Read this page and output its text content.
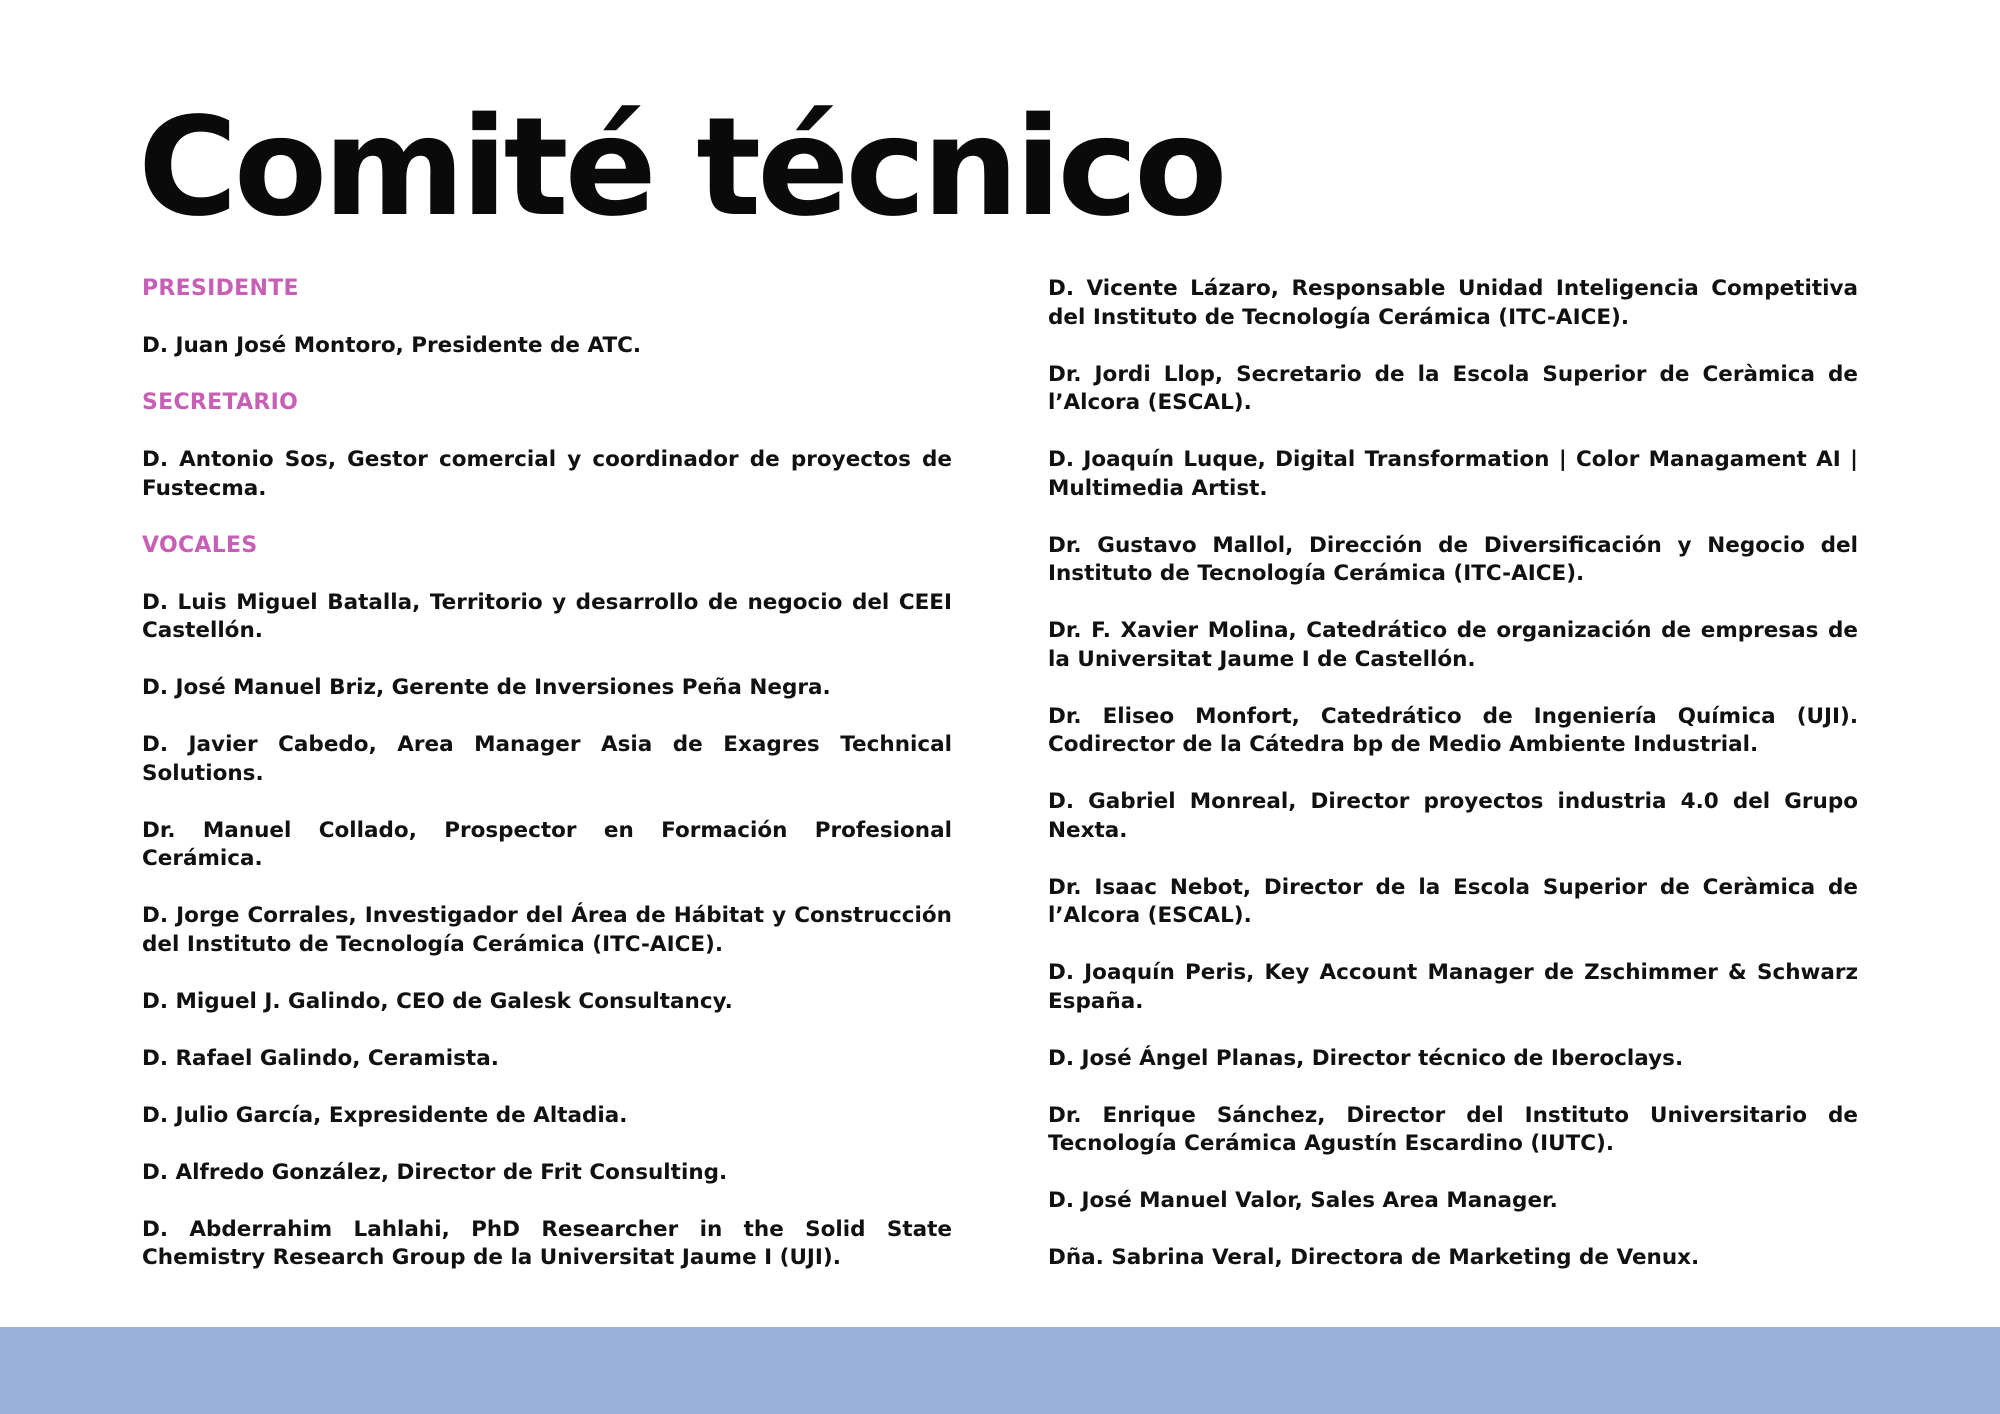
Comité técnico
PRESIDENTE

D. Juan José Montoro, Presidente de ATC.

SECRETARIO

D. Antonio Sos, Gestor comercial y coordinador de proyectos de Fustecma.

VOCALES

D. Luis Miguel Batalla, Territorio y desarrollo de negocio del CEEI Castellón.

D. José Manuel Briz, Gerente de Inversiones Peña Negra.

D. Javier Cabedo, Area Manager Asia de Exagres Technical Solutions.

Dr. Manuel Collado, Prospector en Formación Profesional Cerámica.

D. Jorge Corrales, Investigador del Área de Hábitat y Construcción del Instituto de Tecnología Cerámica (ITC-AICE).

D. Miguel J. Galindo, CEO de Galesk Consultancy.

D. Rafael Galindo, Ceramista.

D. Julio García, Expresidente de Altadia.

D. Alfredo González, Director de Frit Consulting.

D. Abderrahim Lahlahi, PhD Researcher in the Solid State Chemistry Research Group de la Universitat Jaume I (UJI).

D. Vicente Lázaro, Responsable Unidad Inteligencia Competitiva del Instituto de Tecnología Cerámica (ITC-AICE).

Dr. Jordi Llop, Secretario de la Escola Superior de Ceràmica de l’Alcora (ESCAL).

D. Joaquín Luque, Digital Transformation | Color Managament AI | Multimedia Artist.

Dr. Gustavo Mallol, Dirección de Diversificación y Negocio del Instituto de Tecnología Cerámica (ITC-AICE).

Dr. F. Xavier Molina, Catedrático de organización de empresas de la Universitat Jaume I de Castellón.

Dr. Eliseo Monfort, Catedrático de Ingeniería Química (UJI). Codirector de la Cátedra bp de Medio Ambiente Industrial.

D. Gabriel Monreal, Director proyectos industria 4.0 del Grupo Nexta.

Dr. Isaac Nebot, Director de la Escola Superior de Ceràmica de l’Alcora (ESCAL).

D. Joaquín Peris, Key Account Manager de Zschimmer & Schwarz España.

D. José Ángel Planas, Director técnico de Iberoclays.

Dr. Enrique Sánchez, Director del Instituto Universitario de Tecnología Cerámica Agustín Escardino (IUTC).

D. José Manuel Valor, Sales Area Manager.

Dña. Sabrina Veral, Directora de Marketing de Venux.
